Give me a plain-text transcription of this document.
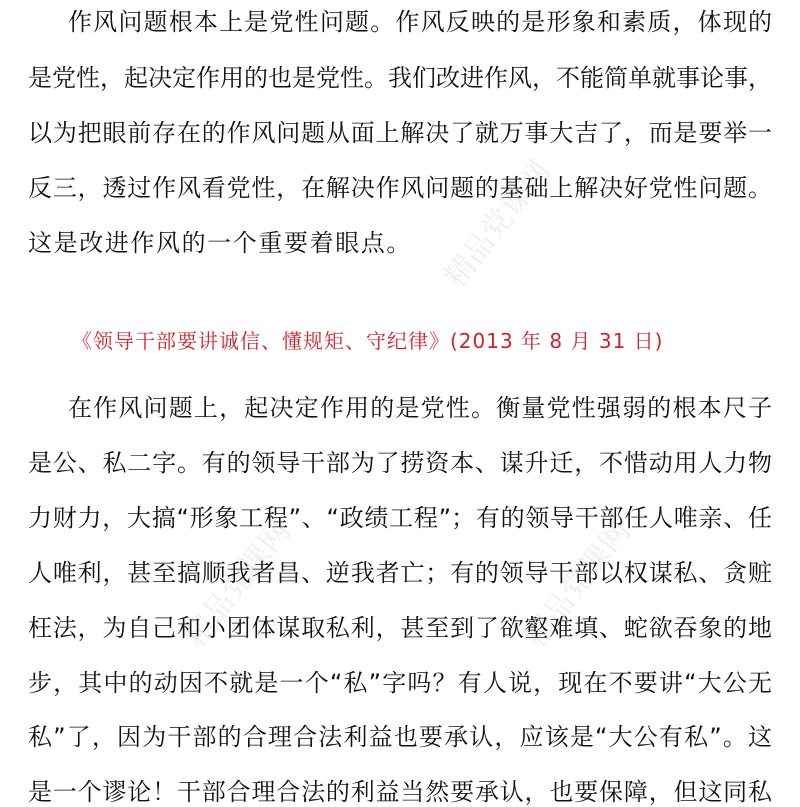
精品党课网
精品党课网	精品党课网
作风问题根本上是党性问题。作风反映的是形象和素质，体现的
是党性，起决定作用的也是党性。我们改进作风，不能简单就事论事，
以为把眼前存在的作风问题从面上解决了就万事大吉了，而是要举一
反三，透过作风看党性，在解决作风问题的基础上解决好党性问题。
这是改进作风的一个重要着眼点。
《领导干部要讲诚信、懂规矩、守纪律》(2013 年 8 月 31 日)
在作风问题上，起决定作用的是党性。衡量党性强弱的根本尺子
是公、私二字。有的领导干部为了捞资本、谋升迁，不惜动用人力物
力财力，大搞“形象工程”、“政绩工程”；有的领导干部任人唯亲、任
人唯利，甚至搞顺我者昌、逆我者亡；有的领导干部以权谋私、贪赃
枉法，为自己和小团体谋取私利，甚至到了欲壑难填、蛇欲吞象的地
步，其中的动因不就是一个“私”字吗？有人说，现在不要讲“大公无
私”了，因为干部的合理合法利益也要承认，应该是“大公有私”。这
是一个谬论！干部合理合法的利益当然要承认，也要保障，但这同私
